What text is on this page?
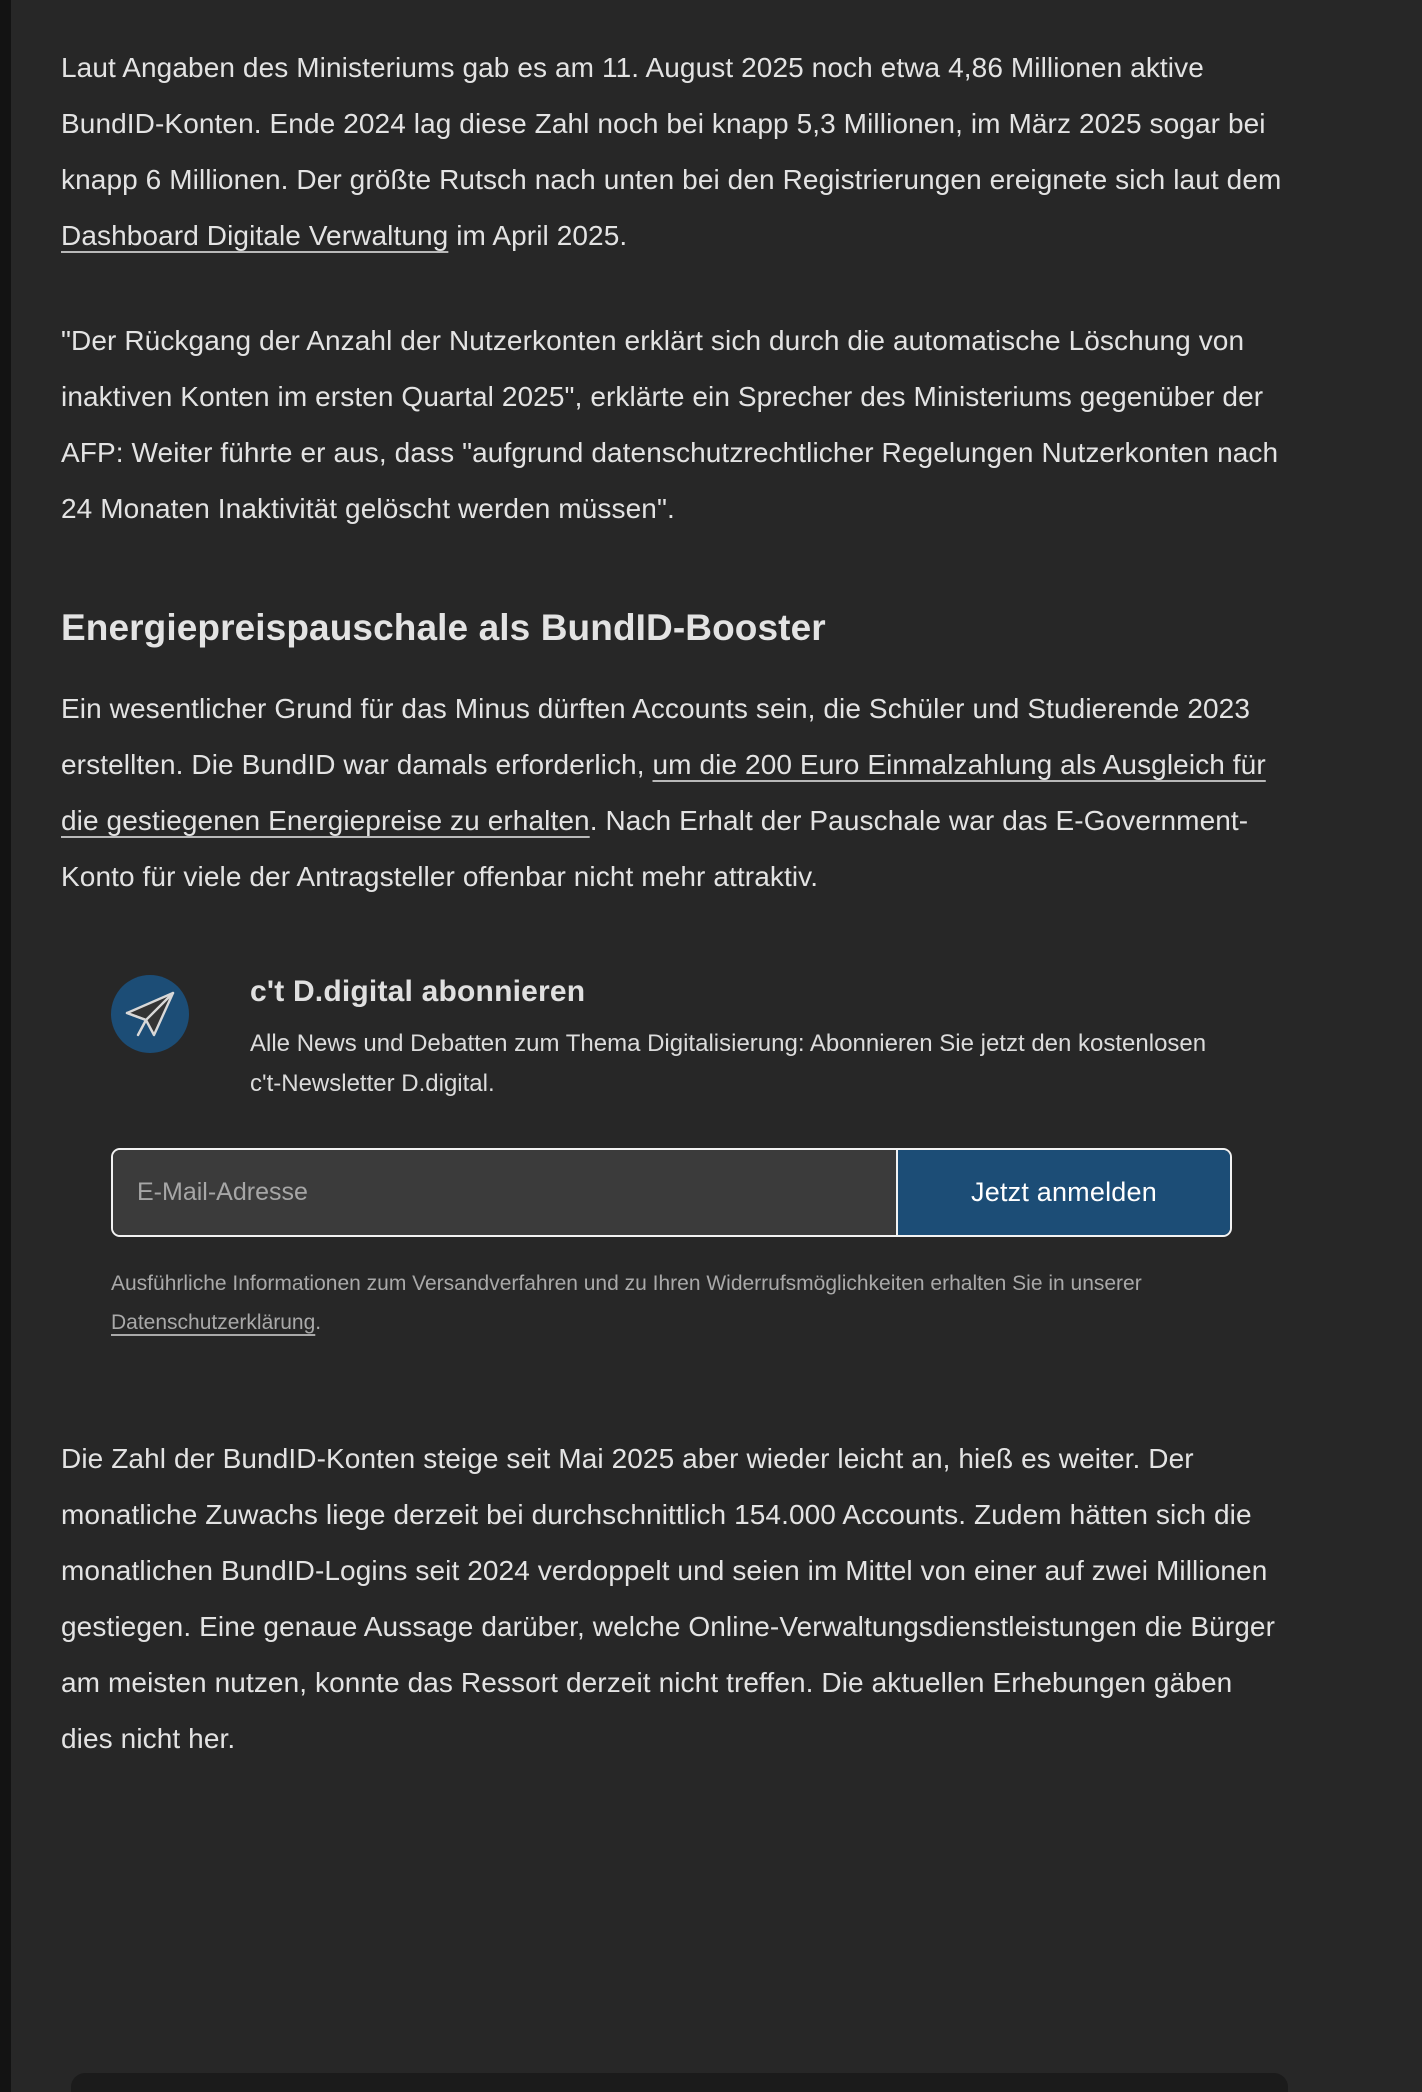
Laut Angaben des Ministeriums gab es am 11. August 2025 noch etwa 4,86 Millionen aktive BundID-Konten. Ende 2024 lag diese Zahl noch bei knapp 5,3 Millionen, im März 2025 sogar bei knapp 6 Millionen. Der größte Rutsch nach unten bei den Registrierungen ereignete sich laut dem Dashboard Digitale Verwaltung im April 2025.

"Der Rückgang der Anzahl der Nutzerkonten erklärt sich durch die automatische Löschung von inaktiven Konten im ersten Quartal 2025", erklärte ein Sprecher des Ministeriums gegenüber der AFP: Weiter führte er aus, dass "aufgrund datenschutzrechtlicher Regelungen Nutzerkonten nach 24 Monaten Inaktivität gelöscht werden müssen".

Energiepreispauschale als BundID-Booster

Ein wesentlicher Grund für das Minus dürften Accounts sein, die Schüler und Studierende 2023 erstellten. Die BundID war damals erforderlich, um die 200 Euro Einmalzahlung als Ausgleich für die gestiegenen Energiepreise zu erhalten. Nach Erhalt der Pauschale war das E-Government-Konto für viele der Antragsteller offenbar nicht mehr attraktiv.

c't D.digital abonnieren

Alle News und Debatten zum Thema Digitalisierung: Abonnieren Sie jetzt den kostenlosen c't-Newsletter D.digital.

E-Mail-Adresse
Jetzt anmelden

Ausführliche Informationen zum Versandverfahren und zu Ihren Widerrufsmöglichkeiten erhalten Sie in unserer Datenschutzerklärung.

Die Zahl der BundID-Konten steige seit Mai 2025 aber wieder leicht an, hieß es weiter. Der monatliche Zuwachs liege derzeit bei durchschnittlich 154.000 Accounts. Zudem hätten sich die monatlichen BundID-Logins seit 2024 verdoppelt und seien im Mittel von einer auf zwei Millionen gestiegen. Eine genaue Aussage darüber, welche Online-Verwaltungsdienstleistungen die Bürger am meisten nutzen, konnte das Ressort derzeit nicht treffen. Die aktuellen Erhebungen gäben dies nicht her.
